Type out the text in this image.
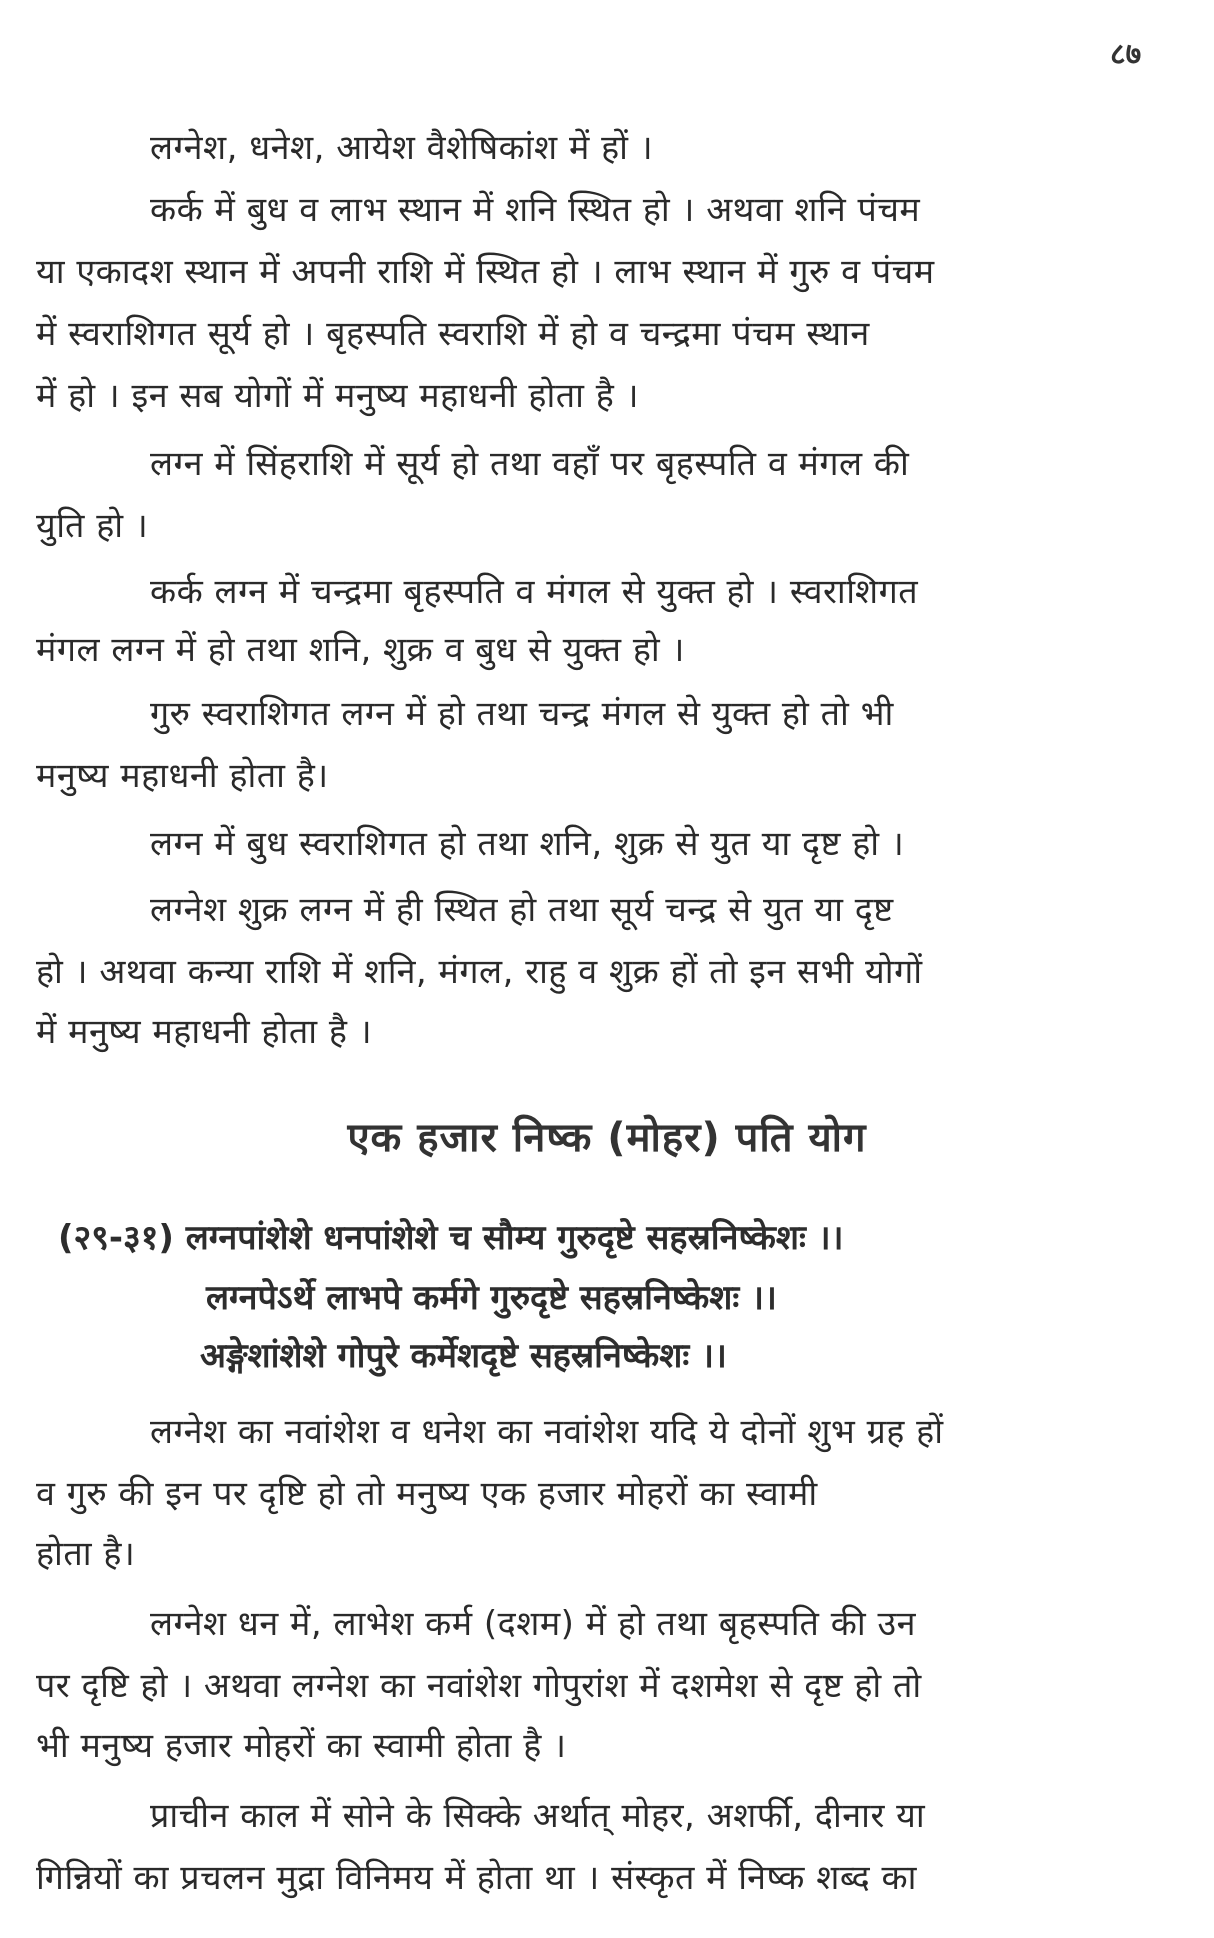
८७
लग्नेश, धनेश, आयेश वैशेषिकांश में हों ।
कर्क में बुध व लाभ स्थान में शनि स्थित हो । अथवा शनि पंचम
या एकादश स्थान में अपनी राशि में स्थित हो । लाभ स्थान में गुरु व पंचम
में स्वराशिगत सूर्य हो । बृहस्पति स्वराशि में हो व चन्द्रमा पंचम स्थान
में हो । इन सब योगों में मनुष्य महाधनी होता है ।
लग्न में सिंहराशि में सूर्य हो तथा वहाँ पर बृहस्पति व मंगल की
युति हो ।
कर्क लग्न में चन्द्रमा बृहस्पति व मंगल से युक्त हो । स्वराशिगत
मंगल लग्न में हो तथा शनि, शुक्र व बुध से युक्त हो ।
गुरु स्वराशिगत लग्न में हो तथा चन्द्र मंगल से युक्त हो तो भी
मनुष्य महाधनी होता है।
लग्न में बुध स्वराशिगत हो तथा शनि, शुक्र से युत या दृष्ट हो ।
लग्नेश शुक्र लग्न में ही स्थित हो तथा सूर्य चन्द्र से युत या दृष्ट
हो । अथवा कन्या राशि में शनि, मंगल, राहु व शुक्र हों तो इन सभी योगों
में मनुष्य महाधनी होता है ।
एक हजार निष्क (मोहर) पति योग
(२९-३१) लग्नपांशेशे धनपांशेशे च सौम्य गुरुदृष्टे सहस्रनिष्केशः ।।
लग्नपेऽर्थे लाभपे कर्मगे गुरुदृष्टे सहस्रनिष्केशः ।।
अङ्गेशांशेशे गोपुरे कर्मेशदृष्टे सहस्रनिष्केशः ।।
लग्नेश का नवांशेश व धनेश का नवांशेश यदि ये दोनों शुभ ग्रह हों
व गुरु की इन पर दृष्टि हो तो मनुष्य एक हजार मोहरों का स्वामी
होता है।
लग्नेश धन में, लाभेश कर्म (दशम) में हो तथा बृहस्पति की उन
पर दृष्टि हो । अथवा लग्नेश का नवांशेश गोपुरांश में दशमेश से दृष्ट हो तो
भी मनुष्य हजार मोहरों का स्वामी होता है ।
प्राचीन काल में सोने के सिक्के अर्थात् मोहर, अशर्फी, दीनार या
गिन्नियों का प्रचलन मुद्रा विनिमय में होता था । संस्कृत में निष्क शब्द का
